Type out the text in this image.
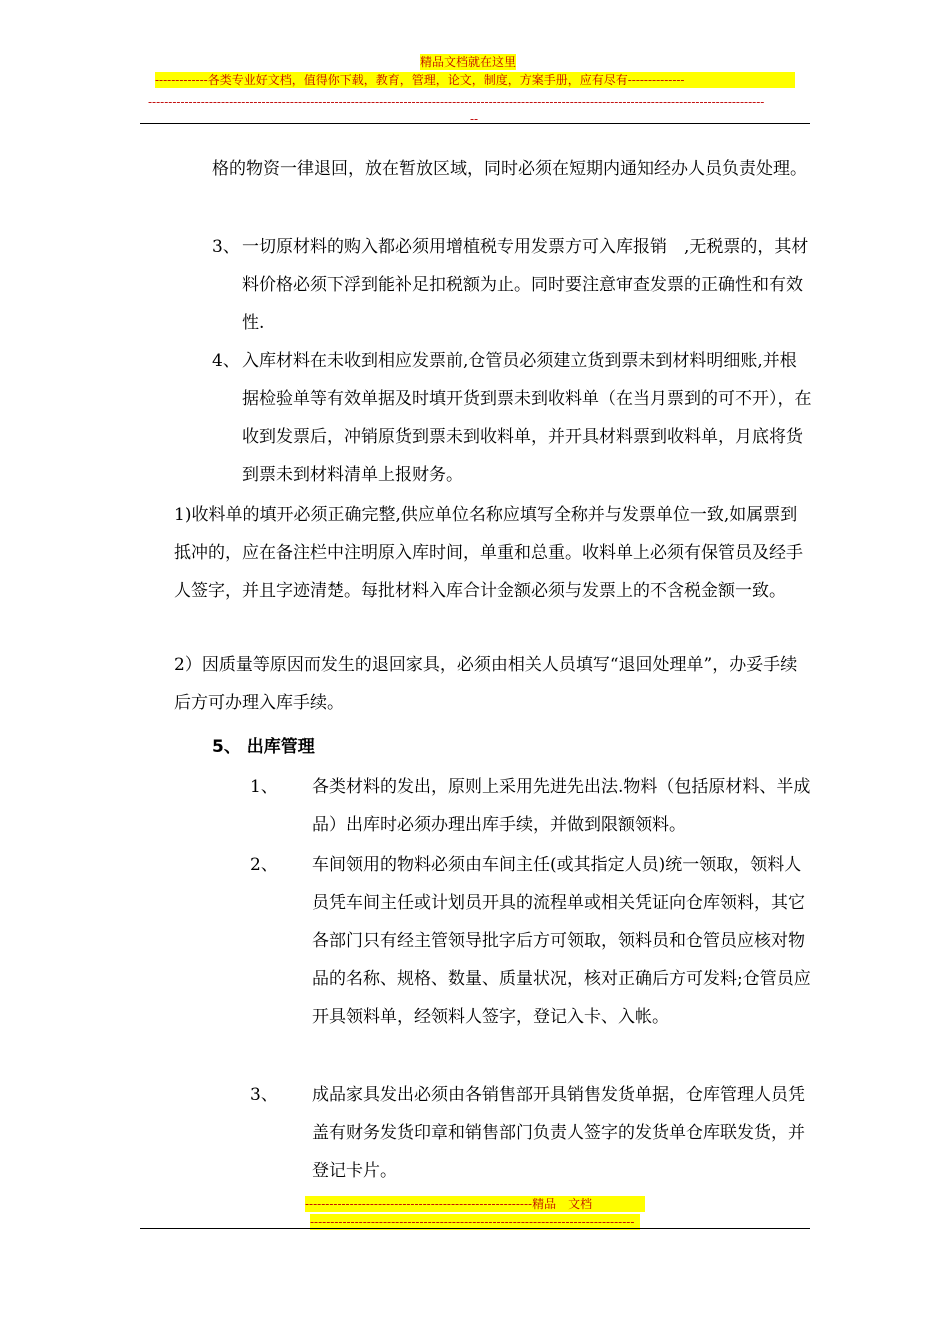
精品文档就在这里
-------------各类专业好文档，值得你下载，教育，管理，论文，制度，方案手册，应有尽有--------------
--------------------------------------------------------------------------------------------------------------------------------------------------------
--
格的物资一律退回，放在暂放区域，同时必须在短期内通知经办人员负责处理。
3、 一切原材料的购入都必须用增植税专用发票方可入库报销　,无税票的，其材料价格必须下浮到能补足扣税额为止。同时要注意审查发票的正确性和有效性.
4、 入库材料在未收到相应发票前,仓管员必须建立货到票未到材料明细账,并根据检验单等有效单据及时填开货到票未到收料单（在当月票到的可不开），在收到发票后，冲销原货到票未到收料单，并开具材料票到收料单，月底将货到票未到材料清单上报财务。
1)收料单的填开必须正确完整,供应单位名称应填写全称并与发票单位一致,如属票到抵冲的，应在备注栏中注明原入库时间，单重和总重。收料单上必须有保管员及经手人签字，并且字迹清楚。每批材料入库合计金额必须与发票上的不含税金额一致。
2）因质量等原因而发生的退回家具，必须由相关人员填写“退回处理单”，办妥手续后方可办理入库手续。
5、 出库管理
1、 各类材料的发出，原则上采用先进先出法.物料（包括原材料、半成品）出库时必须办理出库手续，并做到限额领料。
2、 车间领用的物料必须由车间主任(或其指定人员)统一领取，领料人员凭车间主任或计划员开具的流程单或相关凭证向仓库领料，其它各部门只有经主管领导批字后方可领取，领料员和仓管员应核对物品的名称、规格、数量、质量状况，核对正确后方可发料;仓管员应开具领料单，经领料人签字，登记入卡、入帐。
3、 成品家具发出必须由各销售部开具销售发货单据，仓库管理人员凭盖有财务发货印章和销售部门负责人签字的发货单仓库联发货，并登记卡片。
--------------------------------------------------------精品　文档
--------------------------------------------------------------------------------
